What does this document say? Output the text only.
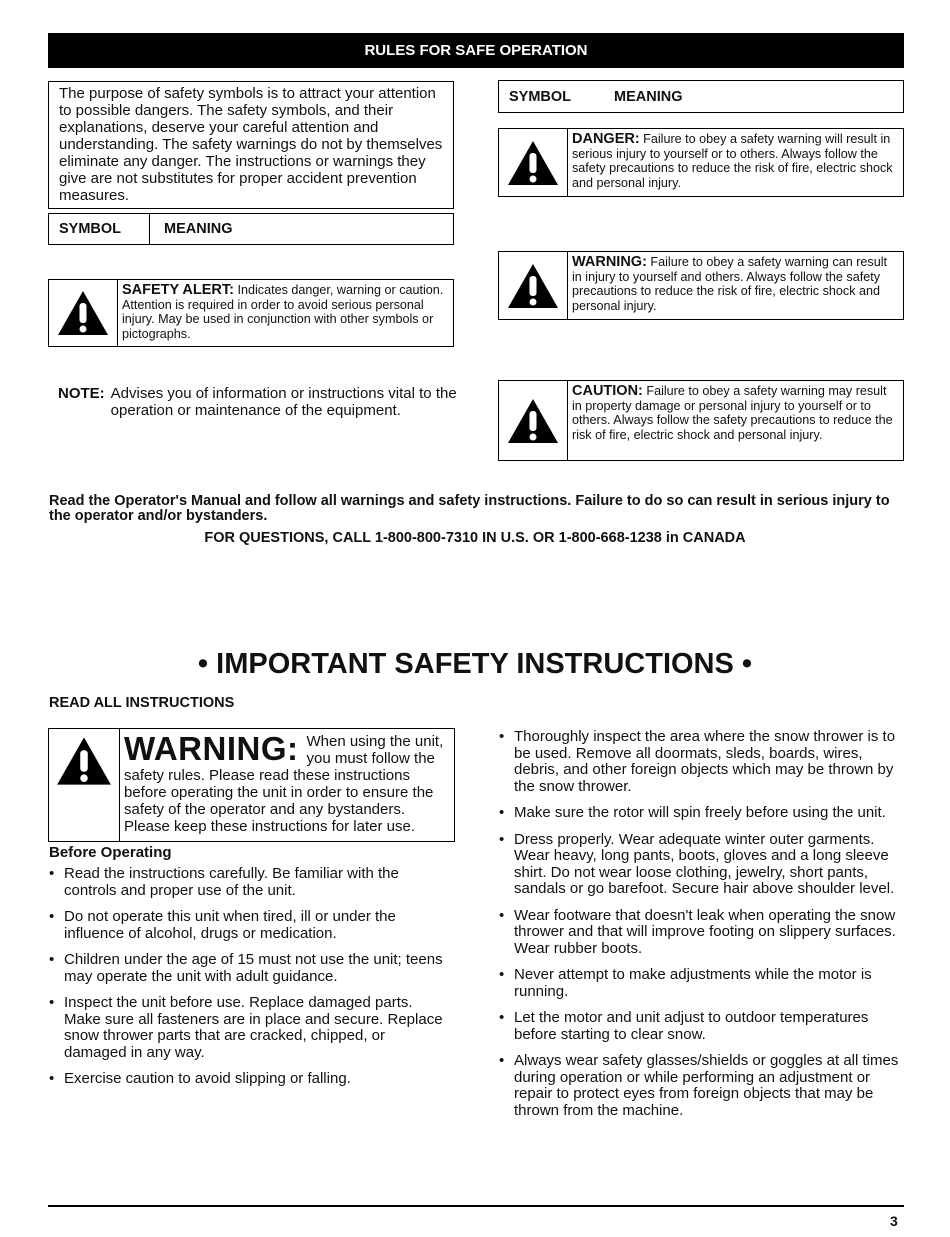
RULES FOR SAFE OPERATION
The purpose of safety symbols is to attract your attention to possible dangers. The safety symbols, and their explanations, deserve your careful attention and understanding. The safety warnings do not by themselves eliminate any danger. The instructions or warnings they give are not substitutes for proper accident prevention measures.
SYMBOL	MEANING
SYMBOL	MEANING
SAFETY ALERT: Indicates danger, warning or caution. Attention is required in order to avoid serious personal injury. May be used in conjunction with other symbols or pictographs.
DANGER: Failure to obey a safety warning will result in serious injury to yourself or to others. Always follow the safety precautions to reduce the risk of fire, electric shock and personal injury.
WARNING: Failure to obey a safety warning can result in injury to yourself and others. Always follow the safety precautions to reduce the risk of fire, electric shock and personal injury.
CAUTION: Failure to obey a safety warning may result in property damage or personal injury to yourself or to others. Always follow the safety precautions to reduce the risk of fire, electric shock and personal injury.
NOTE: Advises you of information or instructions vital to the operation or maintenance of the equipment.
Read the Operator's Manual and follow all warnings and safety instructions. Failure to do so can result in serious injury to the operator and/or bystanders.
FOR QUESTIONS, CALL 1-800-800-7310 IN U.S. OR 1-800-668-1238 in CANADA
• IMPORTANT SAFETY INSTRUCTIONS •
READ ALL INSTRUCTIONS
WARNING: When using the unit, you must follow the safety rules. Please read these instructions before operating the unit in order to ensure the safety of the operator and any bystanders. Please keep these instructions for later use.
Before Operating
• Read the instructions carefully. Be familiar with the controls and proper use of the unit.
• Do not operate this unit when tired, ill or under the influence of alcohol, drugs or medication.
• Children under the age of 15 must not use the unit; teens may operate the unit with adult guidance.
• Inspect the unit before use. Replace damaged parts. Make sure all fasteners are in place and secure. Replace snow thrower parts that are cracked, chipped, or damaged in any way.
• Exercise caution to avoid slipping or falling.
• Thoroughly inspect the area where the snow thrower is to be used. Remove all doormats, sleds, boards, wires, debris, and other foreign objects which may be thrown by the snow thrower.
• Make sure the rotor will spin freely before using the unit.
• Dress properly. Wear adequate winter outer garments. Wear heavy, long pants, boots, gloves and a long sleeve shirt. Do not wear loose clothing, jewelry, short pants, sandals or go barefoot. Secure hair above shoulder level.
• Wear footware that doesn't leak when operating the snow thrower and that will improve footing on slippery surfaces. Wear rubber boots.
• Never attempt to make adjustments while the motor is running.
• Let the motor and unit adjust to outdoor temperatures before starting to clear snow.
• Always wear safety glasses/shields or goggles at all times during operation or while performing an adjustment or repair to protect eyes from foreign objects that may be thrown from the machine.
3
